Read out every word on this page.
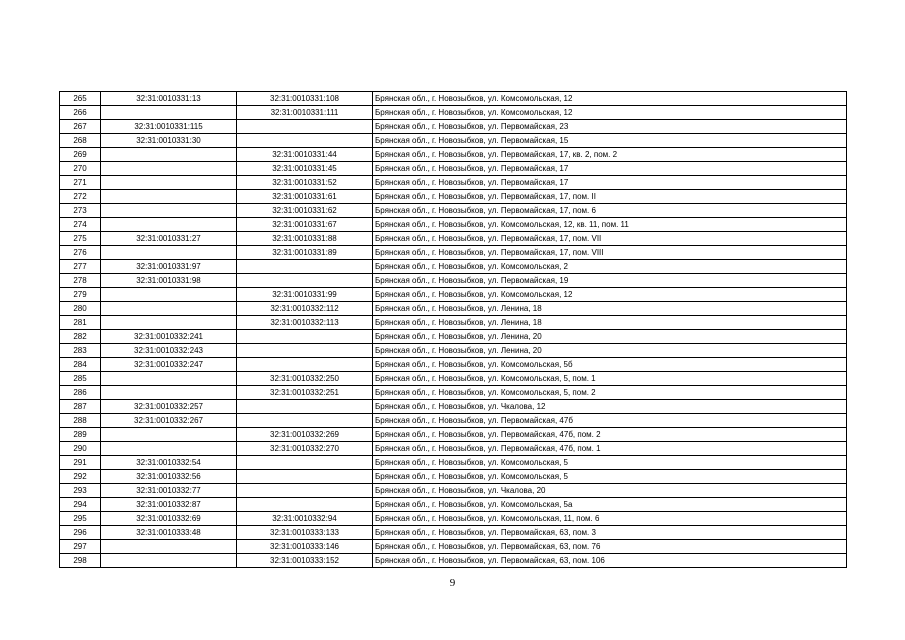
265	32:31:0010331:13	32:31:0010331:108	Брянская обл., г. Новозыбков, ул. Комсомольская, 12
266		32:31:0010331:111	Брянская обл., г. Новозыбков, ул. Комсомольская, 12
267	32:31:0010331:115		Брянская обл., г. Новозыбков, ул. Первомайская, 23
268	32:31:0010331:30		Брянская обл., г. Новозыбков, ул. Первомайская, 15
269		32:31:0010331:44	Брянская обл., г. Новозыбков, ул. Первомайская, 17, кв. 2, пом. 2
270		32:31:0010331:45	Брянская обл., г. Новозыбков, ул. Первомайская, 17
271		32:31:0010331:52	Брянская обл., г. Новозыбков, ул. Первомайская, 17
272		32:31:0010331:61	Брянская обл., г. Новозыбков, ул. Первомайская, 17, пом. II
273		32:31:0010331:62	Брянская обл., г. Новозыбков, ул. Первомайская, 17, пом. 6
274		32:31:0010331:67	Брянская обл., г. Новозыбков, ул. Комсомольская, 12, кв. 11, пом. 11
275	32:31:0010331:27	32:31:0010331:88	Брянская обл., г. Новозыбков, ул. Первомайская, 17, пом. VII
276		32:31:0010331:89	Брянская обл., г. Новозыбков, ул. Первомайская, 17, пом. VIII
277	32:31:0010331:97		Брянская обл., г. Новозыбков, ул. Комсомольская, 2
278	32:31:0010331:98		Брянская обл., г. Новозыбков, ул. Первомайская, 19
279		32:31:0010331:99	Брянская обл., г. Новозыбков, ул. Комсомольская, 12
280		32:31:0010332:112	Брянская обл., г. Новозыбков, ул. Ленина, 18
281		32:31:0010332:113	Брянская обл., г. Новозыбков, ул. Ленина, 18
282	32:31:0010332:241		Брянская обл., г. Новозыбков, ул. Ленина, 20
283	32:31:0010332:243		Брянская обл., г. Новозыбков, ул. Ленина, 20
284	32:31:0010332:247		Брянская обл., г. Новозыбков, ул. Комсомольская, 5б
285		32:31:0010332:250	Брянская обл., г. Новозыбков, ул. Комсомольская, 5, пом. 1
286		32:31:0010332:251	Брянская обл., г. Новозыбков, ул. Комсомольская, 5, пом. 2
287	32:31:0010332:257		Брянская обл., г. Новозыбков, ул. Чкалова, 12
288	32:31:0010332:267		Брянская обл., г. Новозыбков, ул. Первомайская, 47б
289		32:31:0010332:269	Брянская обл., г. Новозыбков, ул. Первомайская, 47б, пом. 2
290		32:31:0010332:270	Брянская обл., г. Новозыбков, ул. Первомайская, 47б, пом. 1
291	32:31:0010332:54		Брянская обл., г. Новозыбков, ул. Комсомольская, 5
292	32:31:0010332:56		Брянская обл., г. Новозыбков, ул. Комсомольская, 5
293	32:31:0010332:77		Брянская обл., г. Новозыбков, ул. Чкалова, 20
294	32:31:0010332:87		Брянская обл., г. Новозыбков, ул. Комсомольская, 5а
295	32:31:0010332:69	32:31:0010332:94	Брянская обл., г. Новозыбков, ул. Комсомольская, 11, пом. 6
296	32:31:0010333:48	32:31:0010333:133	Брянская обл., г. Новозыбков, ул. Первомайская, 63, пом. 3
297		32:31:0010333:146	Брянская обл., г. Новозыбков, ул. Первомайская, 63, пом. 76
298		32:31:0010333:152	Брянская обл., г. Новозыбков, ул. Первомайская, 63, пом. 106
9
